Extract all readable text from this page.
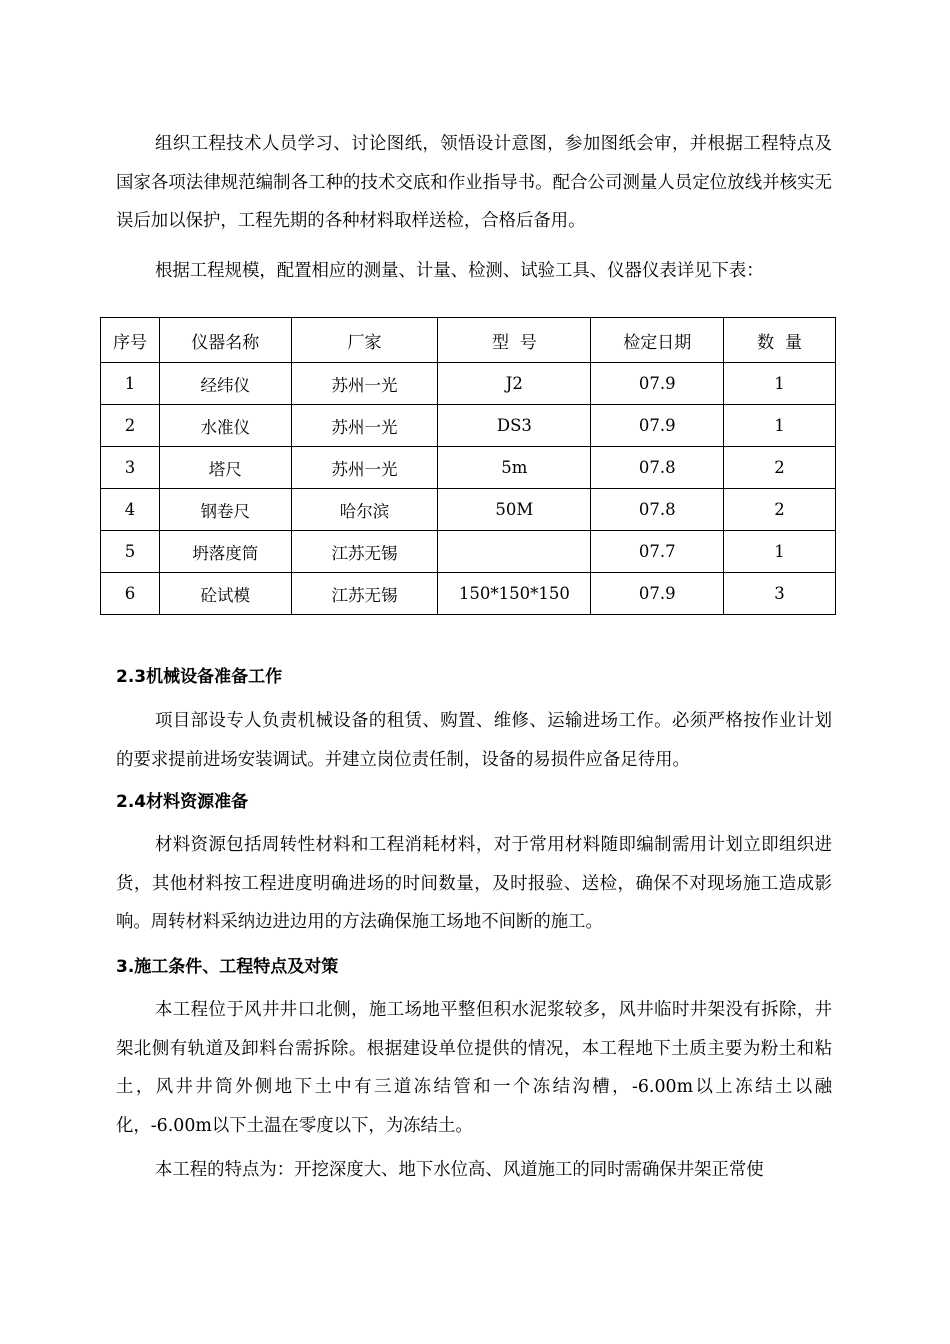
组织工程技术人员学习、讨论图纸，领悟设计意图，参加图纸会审，并根据工程特点及国家各项法律规范编制各工种的技术交底和作业指导书。配合公司测量人员定位放线并核实无误后加以保护，工程先期的各种材料取样送检，合格后备用。

根据工程规模，配置相应的测量、计量、检测、试验工具、仪器仪表详见下表：

序号	仪器名称	厂家	型  号	检定日期	数  量
1	经纬仪	苏州一光	J2	07.9	1
2	水准仪	苏州一光	DS3	07.9	1
3	塔尺	苏州一光	5m	07.8	2
4	钢卷尺	哈尔滨	50M	07.8	2
5	坍落度筒	江苏无锡		07.7	1
6	砼试模	江苏无锡	150*150*150	07.9	3
2.3机械设备准备工作

项目部设专人负责机械设备的租赁、购置、维修、运输进场工作。必须严格按作业计划的要求提前进场安装调试。并建立岗位责任制，设备的易损件应备足待用。

2.4材料资源准备

材料资源包括周转性材料和工程消耗材料，对于常用材料随即编制需用计划立即组织进货，其他材料按工程进度明确进场的时间数量，及时报验、送检，确保不对现场施工造成影响。周转材料采纳边进边用的方法确保施工场地不间断的施工。

3.施工条件、工程特点及对策

本工程位于风井井口北侧，施工场地平整但积水泥浆较多，风井临时井架没有拆除，井架北侧有轨道及卸料台需拆除。根据建设单位提供的情况，本工程地下土质主要为粉土和粘土，风井井筒外侧地下土中有三道冻结管和一个冻结沟槽，-6.00m以上冻结土以融化，-6.00m以下土温在零度以下，为冻结土。

本工程的特点为：开挖深度大、地下水位高、风道施工的同时需确保井架正常使
